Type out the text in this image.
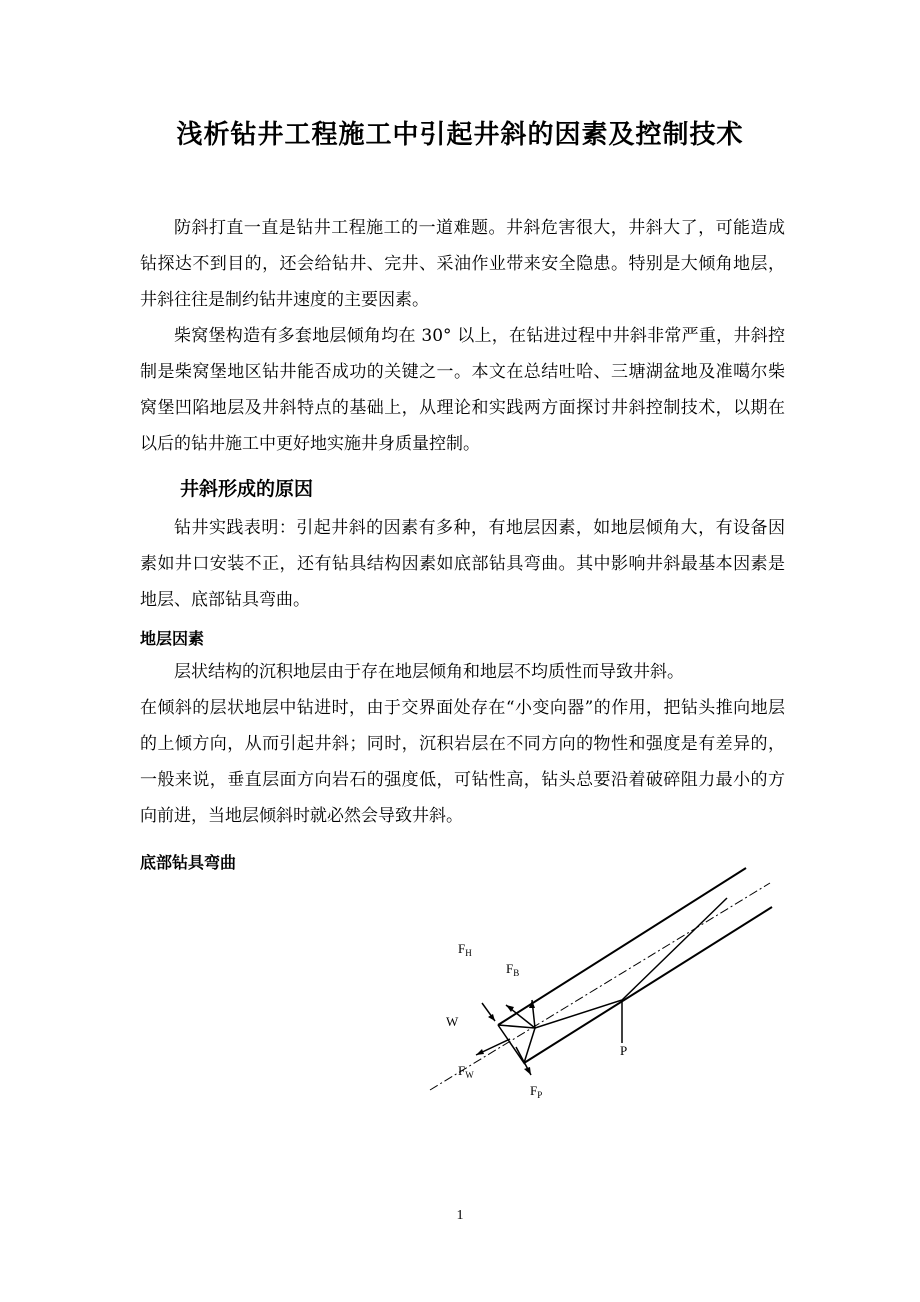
浅析钻井工程施工中引起井斜的因素及控制技术
防斜打直一直是钻井工程施工的一道难题。井斜危害很大，井斜大了，可能造成钻探达不到目的，还会给钻井、完井、采油作业带来安全隐患。特别是大倾角地层，井斜往往是制约钻井速度的主要因素。
柴窝堡构造有多套地层倾角均在 30° 以上，在钻进过程中井斜非常严重，井斜控制是柴窝堡地区钻井能否成功的关键之一。本文在总结吐哈、三塘湖盆地及准噶尔柴窝堡凹陷地层及井斜特点的基础上，从理论和实践两方面探讨井斜控制技术，以期在以后的钻井施工中更好地实施井身质量控制。
井斜形成的原因
钻井实践表明：引起井斜的因素有多种，有地层因素，如地层倾角大，有设备因素如井口安装不正，还有钻具结构因素如底部钻具弯曲。其中影响井斜最基本因素是地层、底部钻具弯曲。
地层因素
层状结构的沉积地层由于存在地层倾角和地层不均质性而导致井斜。
在倾斜的层状地层中钻进时，由于交界面处存在“小变向器”的作用，把钻头推向地层的上倾方向，从而引起井斜；同时，沉积岩层在不同方向的物性和强度是有差异的，一般来说，垂直层面方向岩石的强度低，可钻性高，钻头总要沿着破碎阻力最小的方向前进，当地层倾斜时就必然会导致井斜。
底部钻具弯曲
$F_H$
$F_B$
W
$F_W$
$F_P$
P
1
